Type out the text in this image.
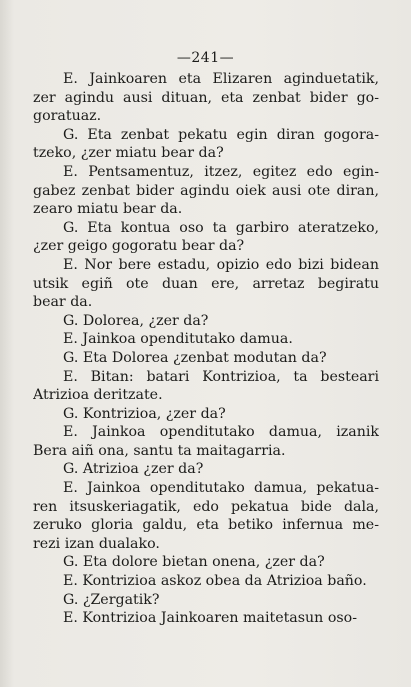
—241—
E. Jainkoaren eta Elizaren aginduetatik,
zer agindu ausi dituan, eta zenbat bider go-
goratuaz.
G. Eta zenbat pekatu egin diran gogora-
tzeko, ¿zer miatu bear da?
E. Pentsamentuz, itzez, egitez edo egin-
gabez zenbat bider agindu oiek ausi ote diran,
zearo miatu bear da.
G. Eta kontua oso ta garbiro ateratzeko,
¿zer geigo gogoratu bear da?
E. Nor bere estadu, opizio edo bizi bidean
utsik egiñ ote duan ere, arretaz begiratu
bear da.
G. Dolorea, ¿zer da?
E. Jainkoa openditutako damua.
G. Eta Dolorea ¿zenbat modutan da?
E. Bitan: batari Kontrizioa, ta besteari
Atrizioa deritzate.
G. Kontrizioa, ¿zer da?
E. Jainkoa openditutako damua, izanik
Bera aiñ ona, santu ta maitagarria.
G. Atrizioa ¿zer da?
E. Jainkoa openditutako damua, pekatua-
ren itsuskeriagatik, edo pekatua bide dala,
zeruko gloria galdu, eta betiko infernua me-
rezi izan dualako.
G. Eta dolore bietan onena, ¿zer da?
E. Kontrizioa askoz obea da Atrizioa baño.
G. ¿Zergatik?
E. Kontrizioa Jainkoaren maitetasun oso-
